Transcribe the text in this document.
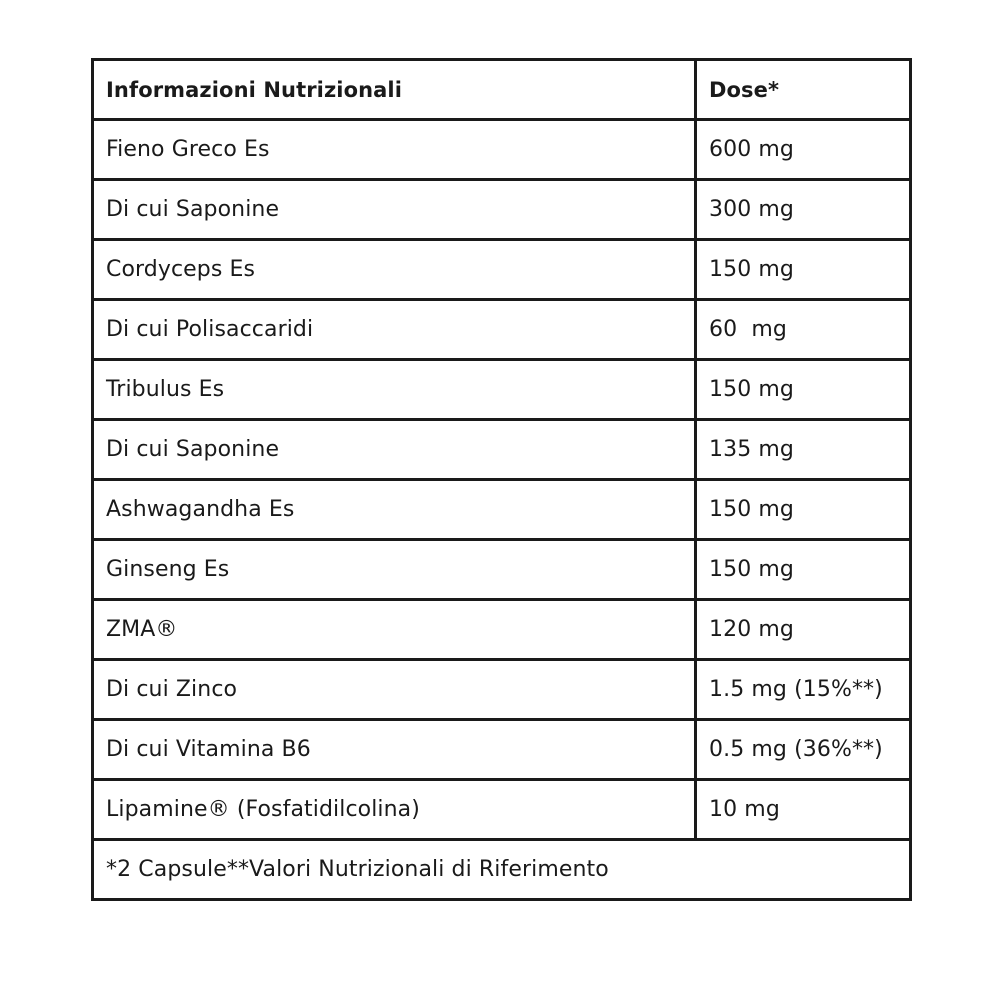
Informazioni Nutrizionali	Dose*
Fieno Greco Es	600 mg
Di cui Saponine	300 mg
Cordyceps Es	150 mg
Di cui Polisaccaridi	60  mg
Tribulus Es	150 mg
Di cui Saponine	135 mg
Ashwagandha Es	150 mg
Ginseng Es	150 mg
ZMA®	120 mg
Di cui Zinco	1.5 mg (15%**)
Di cui Vitamina B6	0.5 mg (36%**)
Lipamine® (Fosfatidilcolina)	10 mg
*2 Capsule**Valori Nutrizionali di Riferimento	
